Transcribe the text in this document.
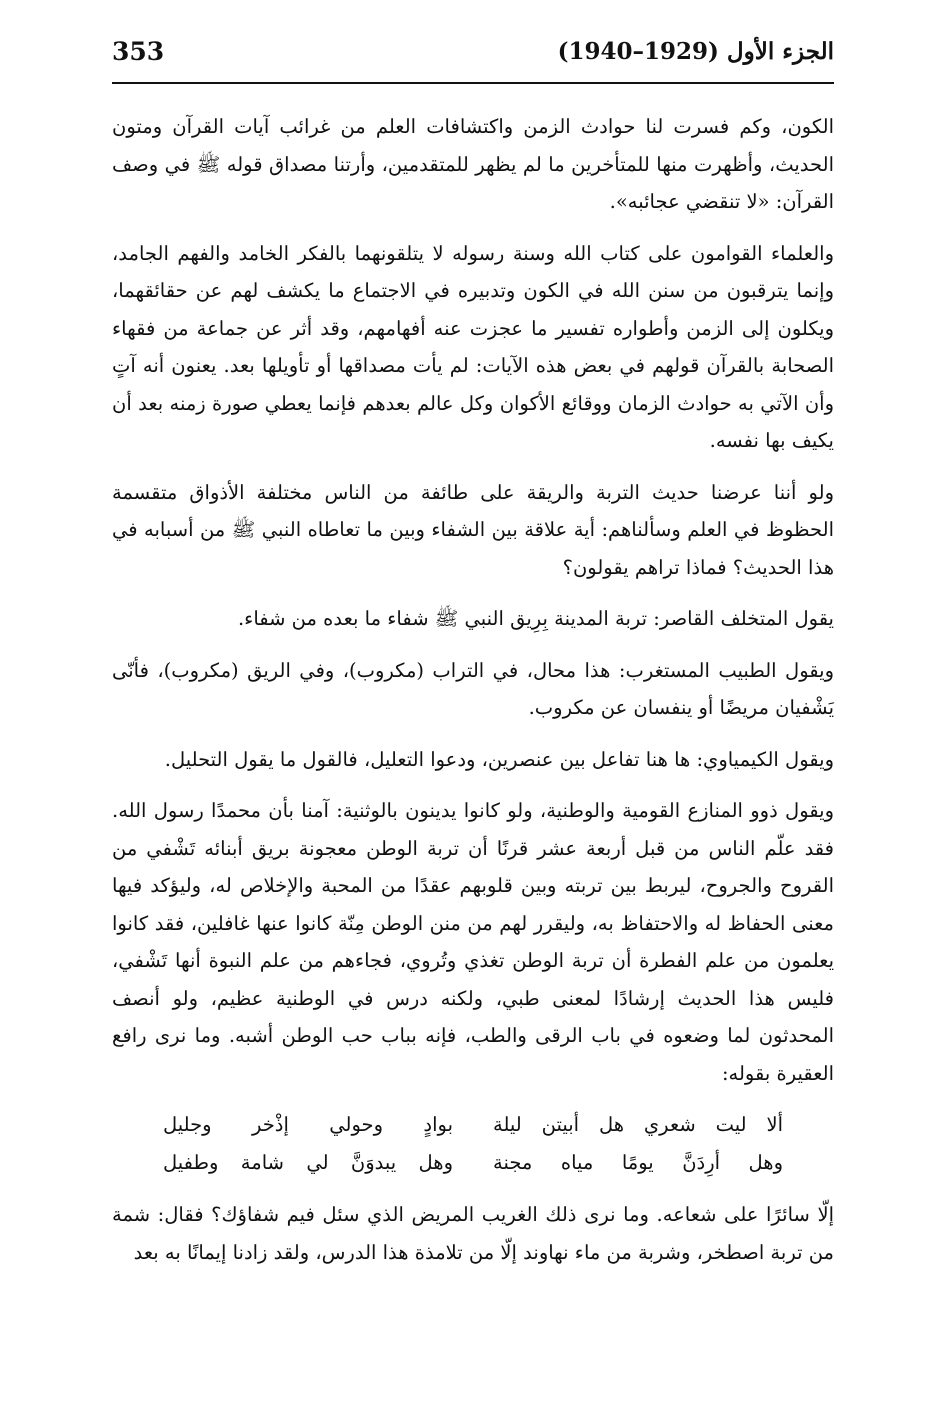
353	الجزء الأول (1929–1940)

الكون، وكم فسرت لنا حوادث الزمن واكتشافات العلم من غرائب آيات القرآن ومتون الحديث، وأظهرت منها للمتأخرين ما لم يظهر للمتقدمين، وأرتنا مصداق قوله ﷺ في وصف القرآن: «لا تنقضي عجائبه».

والعلماء القوامون على كتاب الله وسنة رسوله لا يتلقونهما بالفكر الخامد والفهم الجامد، وإنما يترقبون من سنن الله في الكون وتدبيره في الاجتماع ما يكشف لهم عن حقائقهما، ويكلون إلى الزمن وأطواره تفسير ما عجزت عنه أفهامهم، وقد أثر عن جماعة من فقهاء الصحابة بالقرآن قولهم في بعض هذه الآيات: لم يأت مصداقها أو تأويلها بعد. يعنون أنه آتٍ وأن الآتي به حوادث الزمان ووقائع الأكوان وكل عالم بعدهم فإنما يعطي صورة زمنه بعد أن يكيف بها نفسه.

ولو أننا عرضنا حديث التربة والريقة على طائفة من الناس مختلفة الأذواق متقسمة الحظوظ في العلم وسألناهم: أية علاقة بين الشفاء وبين ما تعاطاه النبي ﷺ من أسبابه في هذا الحديث؟ فماذا تراهم يقولون؟

يقول المتخلف القاصر: تربة المدينة بِرِيق النبي ﷺ شفاء ما بعده من شفاء.

ويقول الطبيب المستغرب: هذا محال، في التراب (مكروب)، وفي الريق (مكروب)، فأنّى يَشْفيان مريضًا أو ينفسان عن مكروب.

ويقول الكيمياوي: ها هنا تفاعل بين عنصرين، ودعوا التعليل، فالقول ما يقول التحليل.

ويقول ذوو المنازع القومية والوطنية، ولو كانوا يدينون بالوثنية: آمنا بأن محمدًا رسول الله. فقد علّم الناس من قبل أربعة عشر قرنًا أن تربة الوطن معجونة بريق أبنائه تَشْفي من القروح والجروح، ليربط بين تربته وبين قلوبهم عقدًا من المحبة والإخلاص له، وليؤكد فيها معنى الحفاظ له والاحتفاظ به، وليقرر لهم من منن الوطن مِنّة كانوا عنها غافلين، فقد كانوا يعلمون من علم الفطرة أن تربة الوطن تغذي وتُروي، فجاءهم من علم النبوة أنها تَشْفي، فليس هذا الحديث إرشادًا لمعنى طبي، ولكنه درس في الوطنية عظيم، ولو أنصف المحدثون لما وضعوه في باب الرقى والطب، فإنه بباب حب الوطن أشبه. وما نرى رافع العقيرة بقوله:

ألا ليت شعري هل أبيتن ليلة
بوادٍ وحولي إذْخر وجليل
وهل أرِدَنَّ يومًا مياه مجنة
وهل يبدوَنَّ لي شامة وطفيل

إلّا سائرًا على شعاعه. وما نرى ذلك الغريب المريض الذي سئل فيم شفاؤك؟ فقال: شمة من تربة اصطخر، وشربة من ماء نهاوند إلّا من تلامذة هذا الدرس، ولقد زادنا إيمانًا به بعد
